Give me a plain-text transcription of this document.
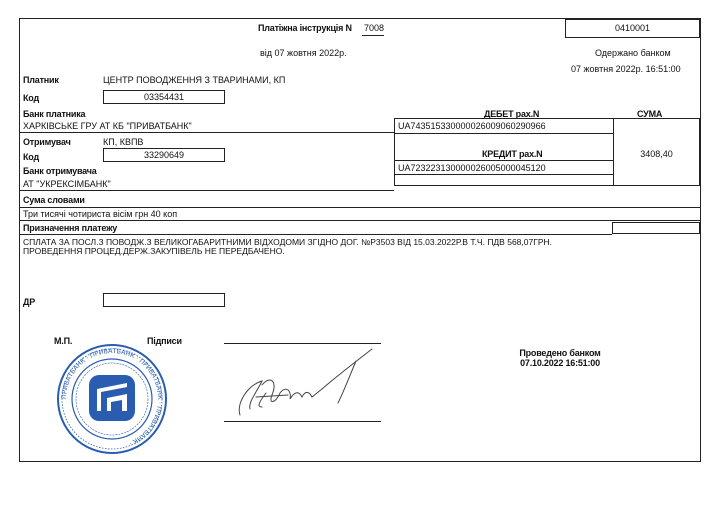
Платіжна інструкція N 7008	0410001
від 07 жовтня 2022р.	Одержано банком
07 жовтня 2022р. 16:51:00
Платник	ЦЕНТР ПОВОДЖЕННЯ З ТВАРИНАМИ, КП
Код	03354431
Банк платника
ХАРКІВСЬКЕ ГРУ АТ КБ "ПРИВАТБАНК"
ДЕБЕТ рах.N	СУМА
UA743515330000026009060290966
КРЕДИТ рах.N
UA723223130000026005000045120
3408,40
Отримувач	КП, КВПВ
Код	33290649
Банк отримувача
АТ "УКРЕКСІМБАНК"
Сума словами
Три тисячі чотириста вісім грн 40 коп
Призначення платежу
СПЛАТА ЗА ПОСЛ.З ПОВОДЖ.З ВЕЛИКОГАБАРИТНИМИ ВІДХОДОМИ ЗГІДНО ДОГ. №Р3503 ВІД 15.03.2022Р.В Т.Ч. ПДВ 568,07ГРН.
ПРОВЕДЕННЯ ПРОЦЕД.ДЕРЖ.ЗАКУПІВЕЛЬ НЕ ПЕРЕДБАЧЕНО.
ДР
М.П.	Підписи
ПРИВАТБАНК · ПРИВАТБАНК · ПРИВАТБАНК · ПРИВАТБАНК ·
Проведено банком
07.10.2022 16:51:00
